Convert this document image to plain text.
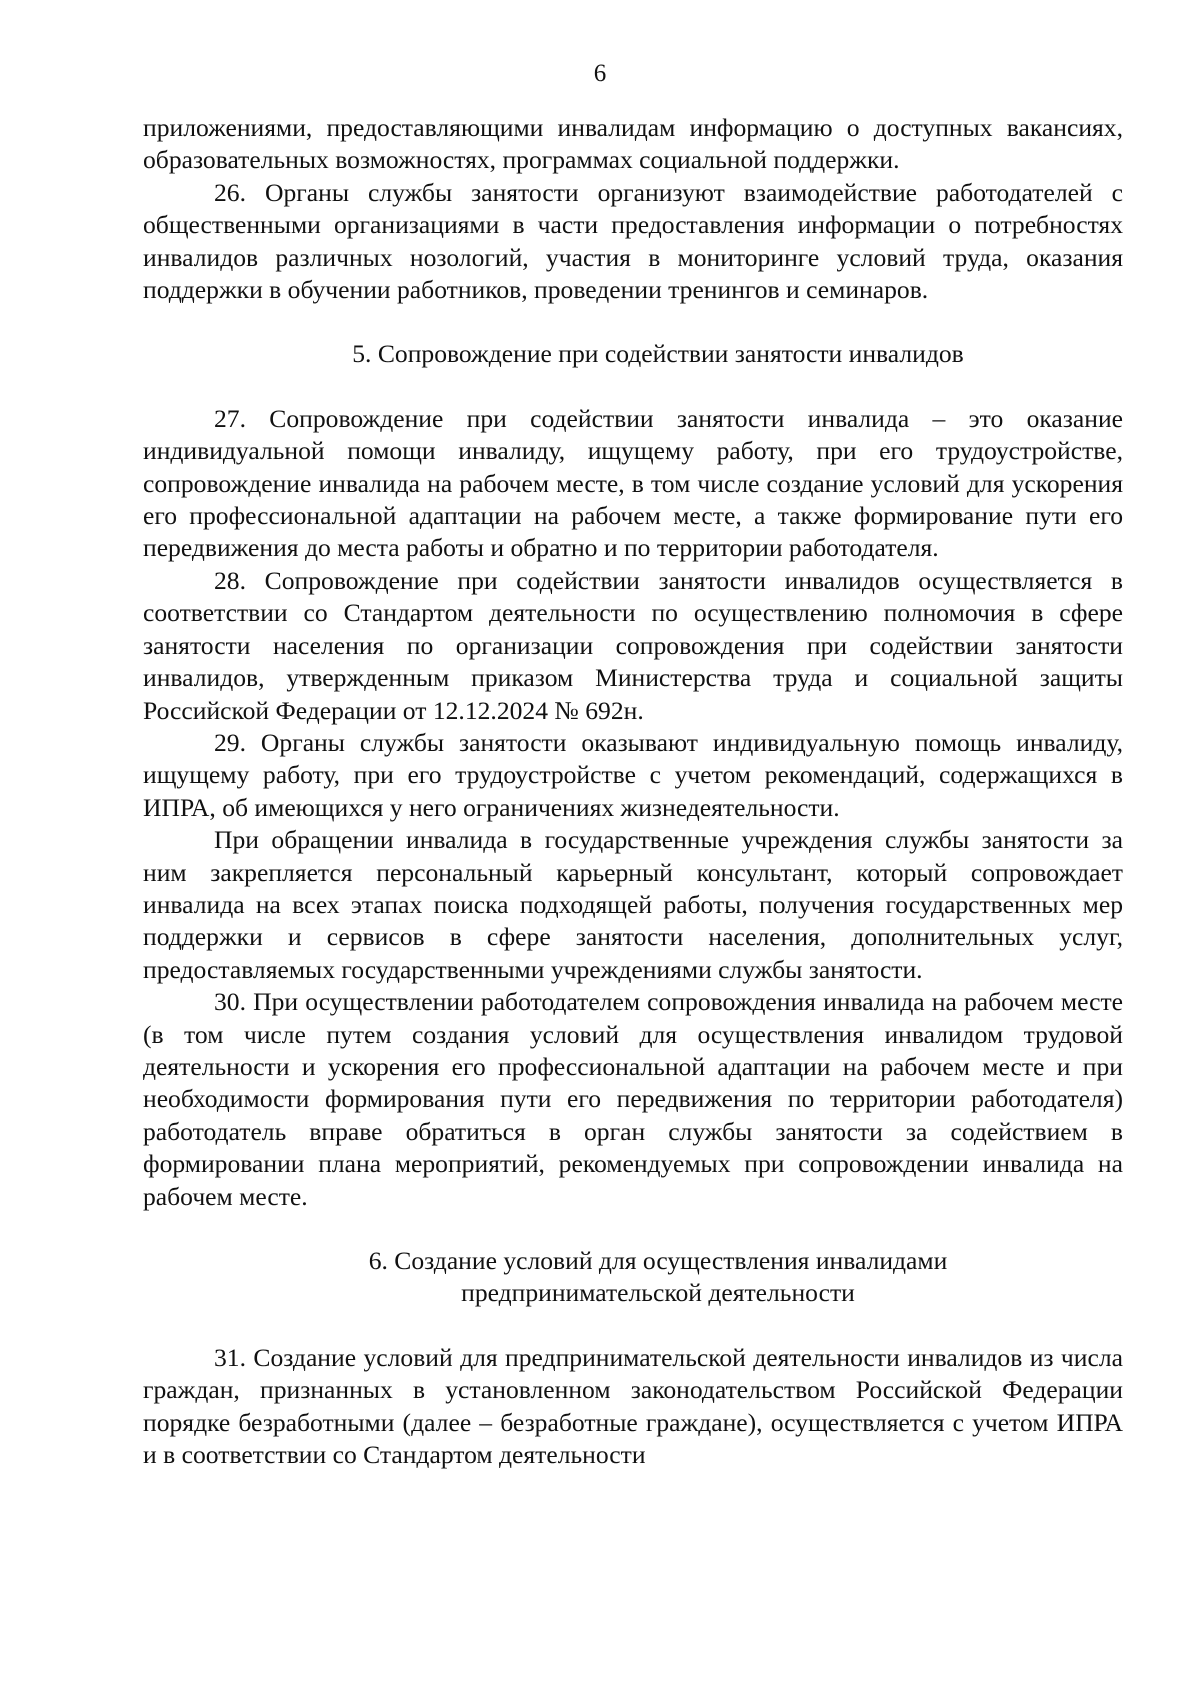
6

приложениями, предоставляющими инвалидам информацию о доступных вакансиях, образовательных возможностях, программах социальной поддержки.

26. Органы службы занятости организуют взаимодействие работодателей с общественными организациями в части предоставления информации о потребностях инвалидов различных нозологий, участия в мониторинге условий труда, оказания поддержки в обучении работников, проведении тренингов и семинаров.

5. Сопровождение при содействии занятости инвалидов

27. Сопровождение при содействии занятости инвалида – это оказание индивидуальной помощи инвалиду, ищущему работу, при его трудоустройстве, сопровождение инвалида на рабочем месте, в том числе создание условий для ускорения его профессиональной адаптации на рабочем месте, а также формирование пути его передвижения до места работы и обратно и по территории работодателя.

28. Сопровождение при содействии занятости инвалидов осуществляется в соответствии со Стандартом деятельности по осуществлению полномочия в сфере занятости населения по организации сопровождения при содействии занятости инвалидов, утвержденным приказом Министерства труда и социальной защиты Российской Федерации от 12.12.2024 № 692н.

29. Органы службы занятости оказывают индивидуальную помощь инвалиду, ищущему работу, при его трудоустройстве с учетом рекомендаций, содержащихся в ИПРА, об имеющихся у него ограничениях жизнедеятельности.

При обращении инвалида в государственные учреждения службы занятости за ним закрепляется персональный карьерный консультант, который сопровождает инвалида на всех этапах поиска подходящей работы, получения государственных мер поддержки и сервисов в сфере занятости населения, дополнительных услуг, предоставляемых государственными учреждениями службы занятости.

30. При осуществлении работодателем сопровождения инвалида на рабочем месте (в том числе путем создания условий для осуществления инвалидом трудовой деятельности и ускорения его профессиональной адаптации на рабочем месте и при необходимости формирования пути его передвижения по территории работодателя) работодатель вправе обратиться в орган службы занятости за содействием в формировании плана мероприятий, рекомендуемых при сопровождении инвалида на рабочем месте.

6. Создание условий для осуществления инвалидами
предпринимательской деятельности

31. Создание условий для предпринимательской деятельности инвалидов из числа граждан, признанных в установленном законодательством Российской Федерации порядке безработными (далее – безработные граждане), осуществляется с учетом ИПРА и в соответствии со Стандартом деятельности
